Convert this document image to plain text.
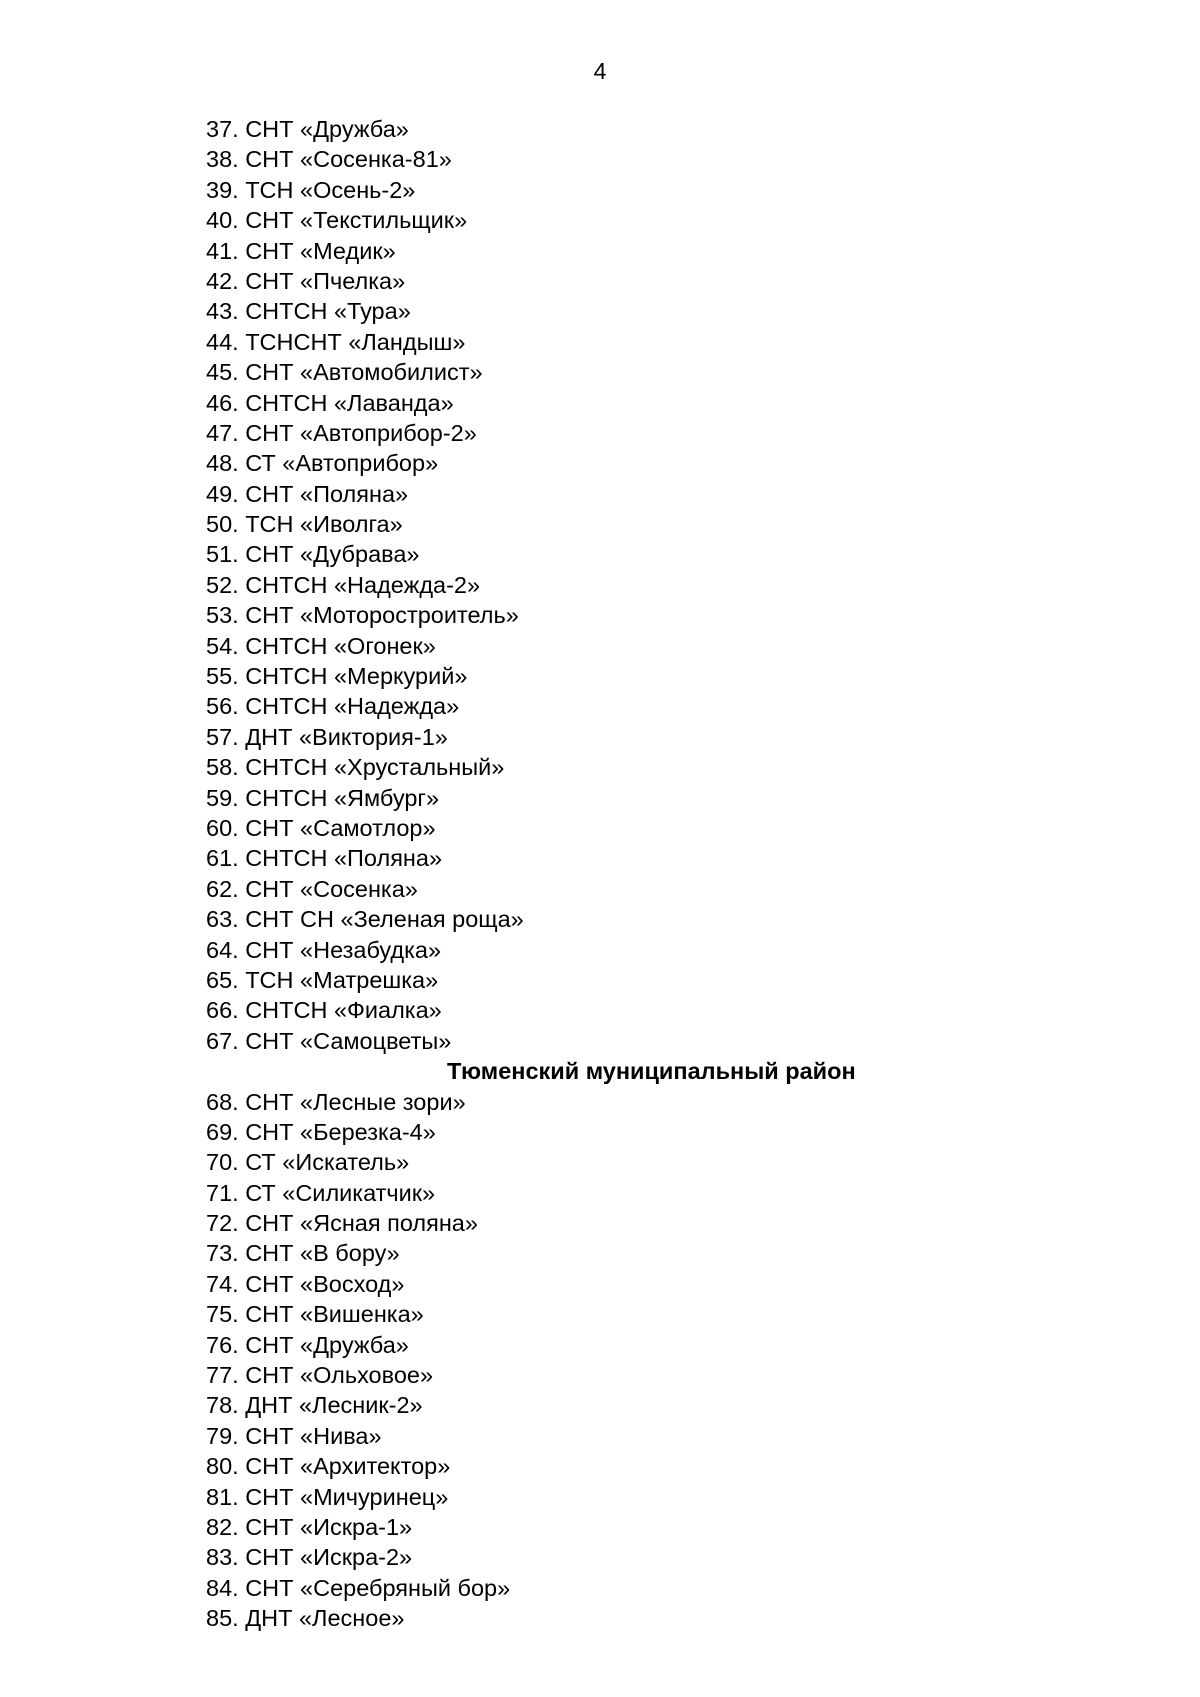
4
37. СНТ «Дружба»
38. СНТ «Сосенка-81»
39. ТСН «Осень-2»
40. СНТ «Текстильщик»
41. СНТ «Медик»
42. СНТ «Пчелка»
43. СНТСН «Тура»
44. ТСНСНТ «Ландыш»
45. СНТ «Автомобилист»
46. СНТСН «Лаванда»
47. СНТ «Автоприбор-2»
48. СТ «Автоприбор»
49. СНТ «Поляна»
50. ТСН «Иволга»
51. СНТ «Дубрава»
52. СНТСН «Надежда-2»
53. СНТ «Моторостроитель»
54. СНТСН «Огонек»
55. СНТСН «Меркурий»
56. СНТСН «Надежда»
57. ДНТ «Виктория-1»
58. СНТСН «Хрустальный»
59. СНТСН «Ямбург»
60. СНТ «Самотлор»
61. СНТСН «Поляна»
62. СНТ «Сосенка»
63. СНТ СН «Зеленая роща»
64. СНТ «Незабудка»
65. ТСН «Матрешка»
66. СНТСН «Фиалка»
67. СНТ «Самоцветы»
Тюменский муниципальный район
68. СНТ «Лесные зори»
69. СНТ «Березка-4»
70. СТ «Искатель»
71. СТ «Силикатчик»
72. СНТ «Ясная поляна»
73. СНТ «В бору»
74. СНТ «Восход»
75. СНТ «Вишенка»
76. СНТ «Дружба»
77. СНТ «Ольховое»
78. ДНТ «Лесник-2»
79. СНТ «Нива»
80. СНТ «Архитектор»
81. СНТ «Мичуринец»
82. СНТ «Искра-1»
83. СНТ «Искра-2»
84. СНТ «Серебряный бор»
85. ДНТ «Лесное»
